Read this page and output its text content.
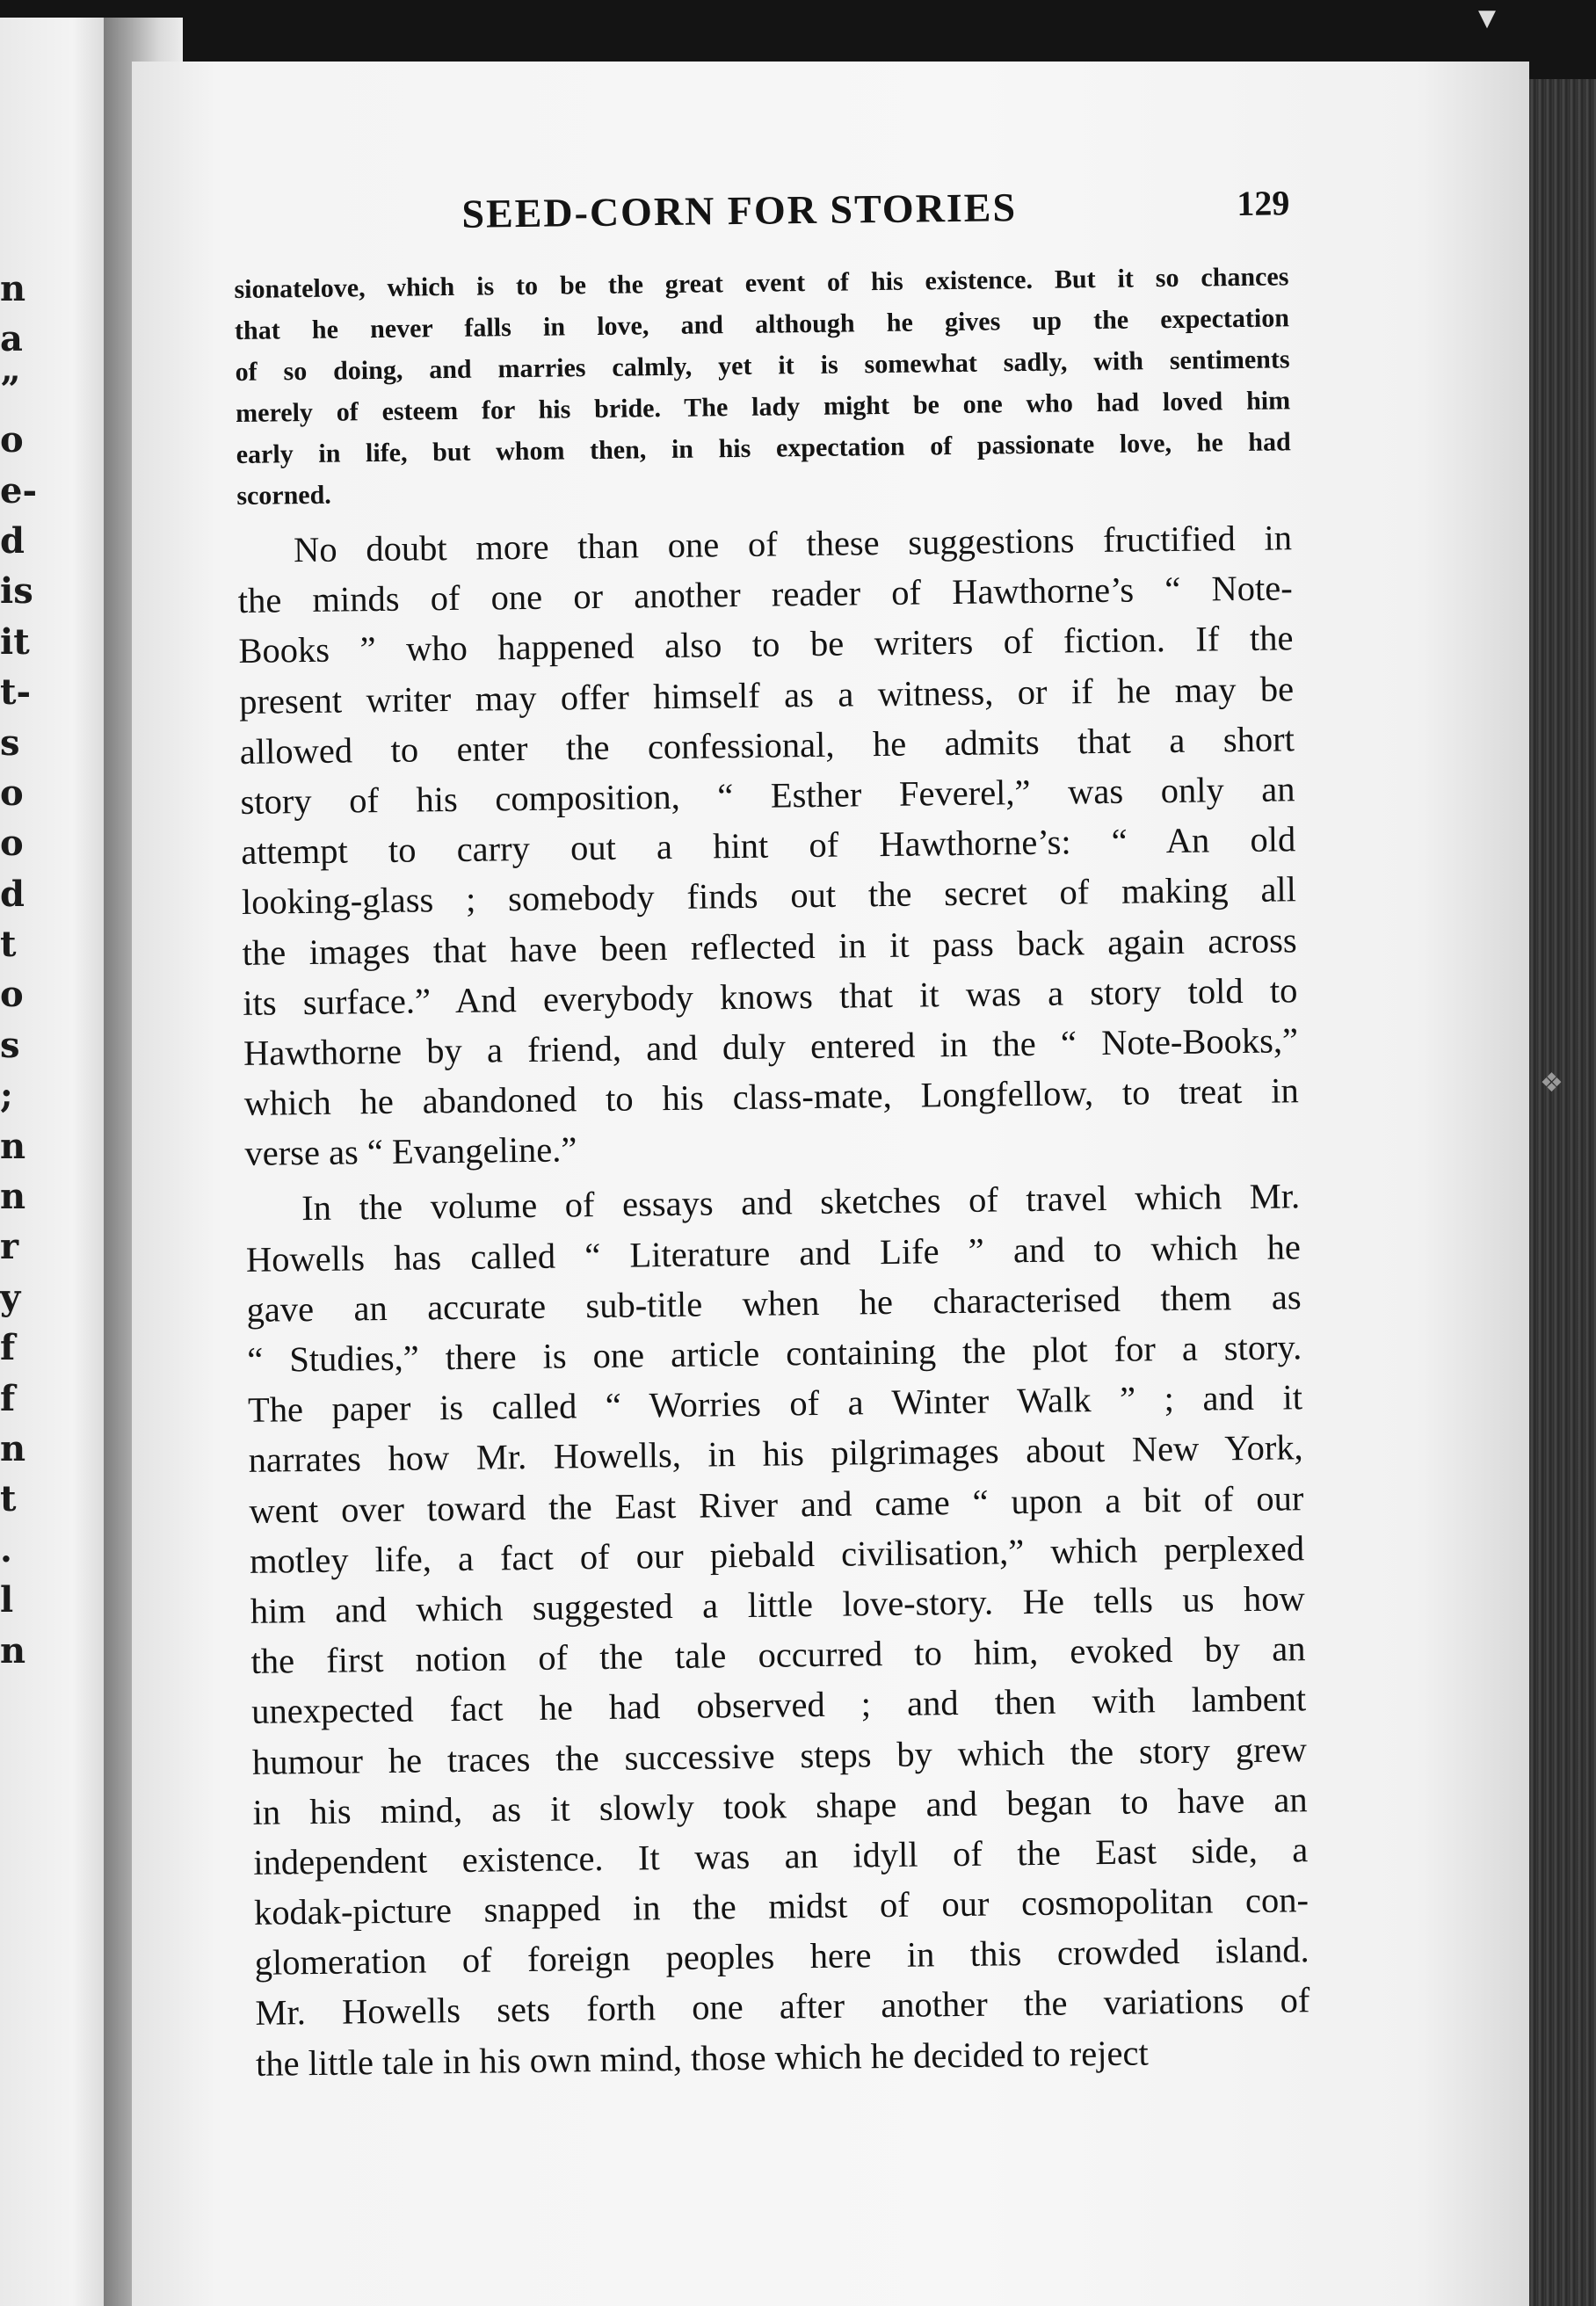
n
a
”
o
e-
d
is
it
t-
s
o
o
d
t
o
s
;
n
n
r
y
f
f
n
t
.
l
n
▼
❖
SEED-CORN FOR STORIES	129
sionatelove, which is to be the great event of his existence. But it so chances
that he never falls in love, and although he gives up the expectation
of so doing, and marries calmly, yet it is somewhat sadly, with sentiments
merely of esteem for his bride. The lady might be one who had loved him
early in life, but whom then, in his expectation of passionate love, he had
scorned.
No doubt more than one of these suggestions fructified in
the minds of one or another reader of Hawthorne’s “ Note-
Books ” who happened also to be writers of fiction. If the
present writer may offer himself as a witness, or if he may be
allowed to enter the confessional, he admits that a short
story of his composition, “ Esther Feverel,” was only an
attempt to carry out a hint of Hawthorne’s: “ An old
looking-glass ; somebody finds out the secret of making all
the images that have been reflected in it pass back again across
its surface.” And everybody knows that it was a story told to
Hawthorne by a friend, and duly entered in the “ Note-Books,”
which he abandoned to his class-mate, Longfellow, to treat in
verse as “ Evangeline.”
In the volume of essays and sketches of travel which Mr.
Howells has called “ Literature and Life ” and to which he
gave an accurate sub-title when he characterised them as
“ Studies,” there is one article containing the plot for a story.
The paper is called “ Worries of a Winter Walk ” ; and it
narrates how Mr. Howells, in his pilgrimages about New York,
went over toward the East River and came “ upon a bit of our
motley life, a fact of our piebald civilisation,” which perplexed
him and which suggested a little love-story. He tells us how
the first notion of the tale occurred to him, evoked by an
unexpected fact he had observed ; and then with lambent
humour he traces the successive steps by which the story grew
in his mind, as it slowly took shape and began to have an
independent existence. It was an idyll of the East side, a
kodak-picture snapped in the midst of our cosmopolitan con-
glomeration of foreign peoples here in this crowded island.
Mr. Howells sets forth one after another the variations of
the little tale in his own mind, those which he decided to reject
